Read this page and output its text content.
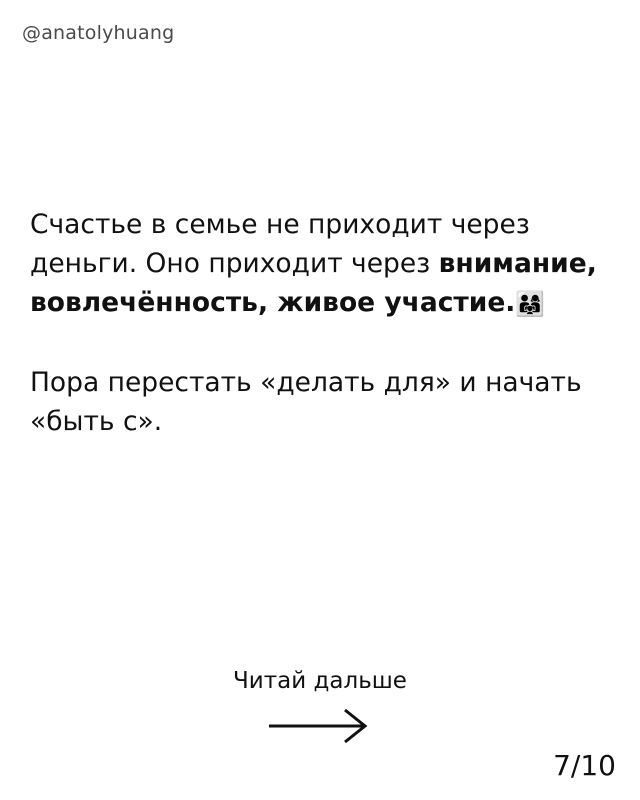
@anatolyhuang

Счастье в семье не приходит через деньги. Оно приходит через внимание, вовлечённость, живое участие.👨‍👩‍👧

Пора перестать «делать для» и начать «быть с».

Читай дальше
7/10
